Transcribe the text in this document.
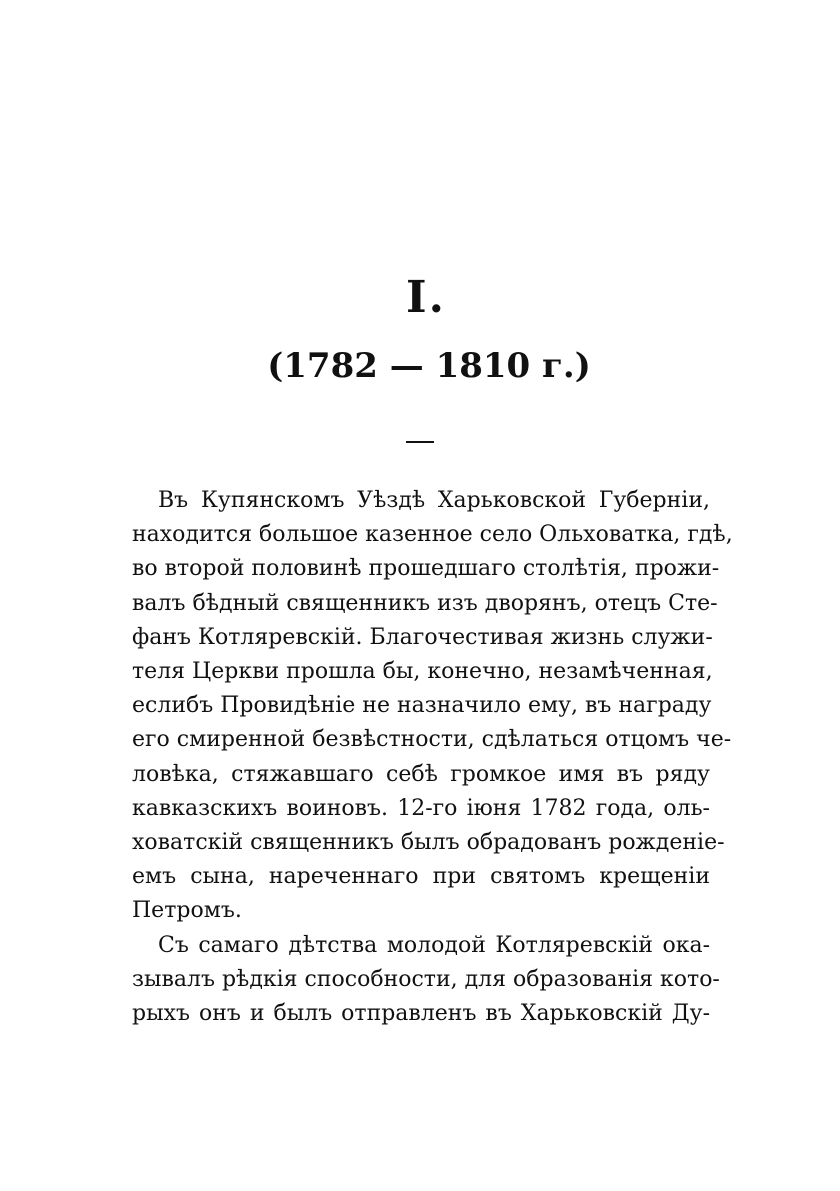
I.
(1782 — 1810 г.)
Въ Купянскомъ Уѣздѣ Харьковской Губерніи,
находится большое казенное село Ольховатка, гдѣ,
во второй половинѣ прошедшаго столѣтія, прожи-
валъ бѣдный священникъ изъ дворянъ, отецъ Сте-
фанъ Котляревскій. Благочестивая жизнь служи-
теля Церкви прошла бы, конечно, незамѣченная,
еслибъ Провидѣніе не назначило ему, въ награду
его смиренной безвѣстности, сдѣлаться отцомъ че-
ловѣка, стяжавшаго себѣ громкое имя въ ряду
кавказскихъ воиновъ. 12-го іюня 1782 года, оль-
ховатскій священникъ былъ обрадованъ рожденіе-
емъ сына, нареченнаго при святомъ крещеніи
Петромъ.
Съ самаго дѣтства молодой Котляревскій ока-
зывалъ рѣдкія способности, для образованія кото-
рыхъ онъ и былъ отправленъ въ Харьковскій Ду-
